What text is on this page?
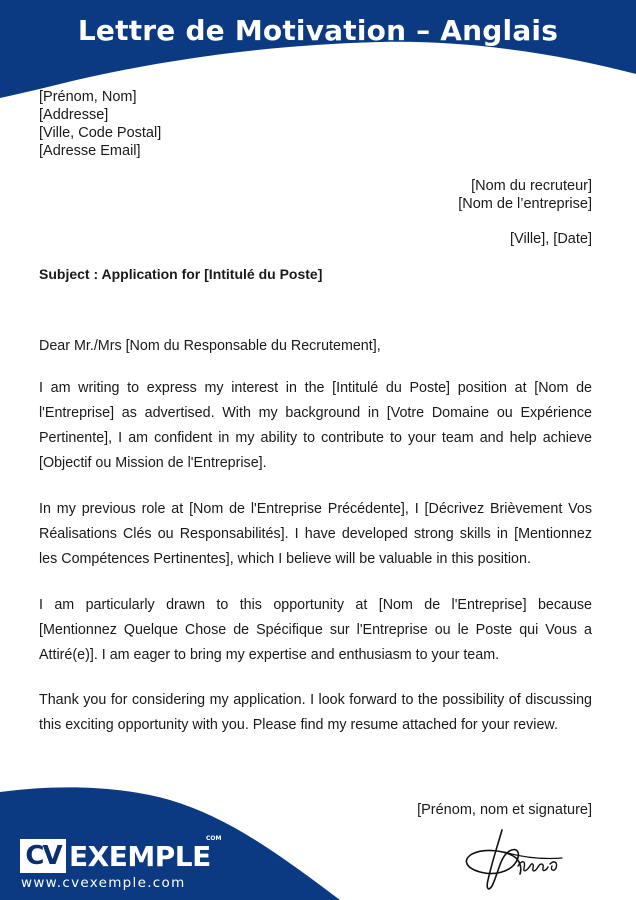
Lettre de Motivation – Anglais
[Prénom, Nom]
[Addresse]
[Ville, Code Postal]
[Adresse Email]
[Nom du recruteur]
[Nom de l’entreprise]
[Ville], [Date]
Subject : Application for [Intitulé du Poste]
Dear Mr./Mrs [Nom du Responsable du Recrutement],
I am writing to express my interest in the [Intitulé du Poste] position at [Nom de l'Entreprise] as advertised. With my background in [Votre Domaine ou Expérience Pertinente], I am confident in my ability to contribute to your team and help achieve [Objectif ou Mission de l'Entreprise].
In my previous role at [Nom de l'Entreprise Précédente], I [Décrivez Brièvement Vos Réalisations Clés ou Responsabilités]. I have developed strong skills in [Mentionnez les Compétences Pertinentes], which I believe will be valuable in this position.
I am particularly drawn to this opportunity at [Nom de l'Entreprise] because [Mentionnez Quelque Chose de Spécifique sur l'Entreprise ou le Poste qui Vous a Attiré(e)]. I am eager to bring my expertise and enthusiasm to your team.
Thank you for considering my application. I look forward to the possibility of discussing this exciting opportunity with you. Please find my resume attached for your review.
[Prénom, nom et signature]
CV EXEMPLE
COM
www.cvexemple.com
